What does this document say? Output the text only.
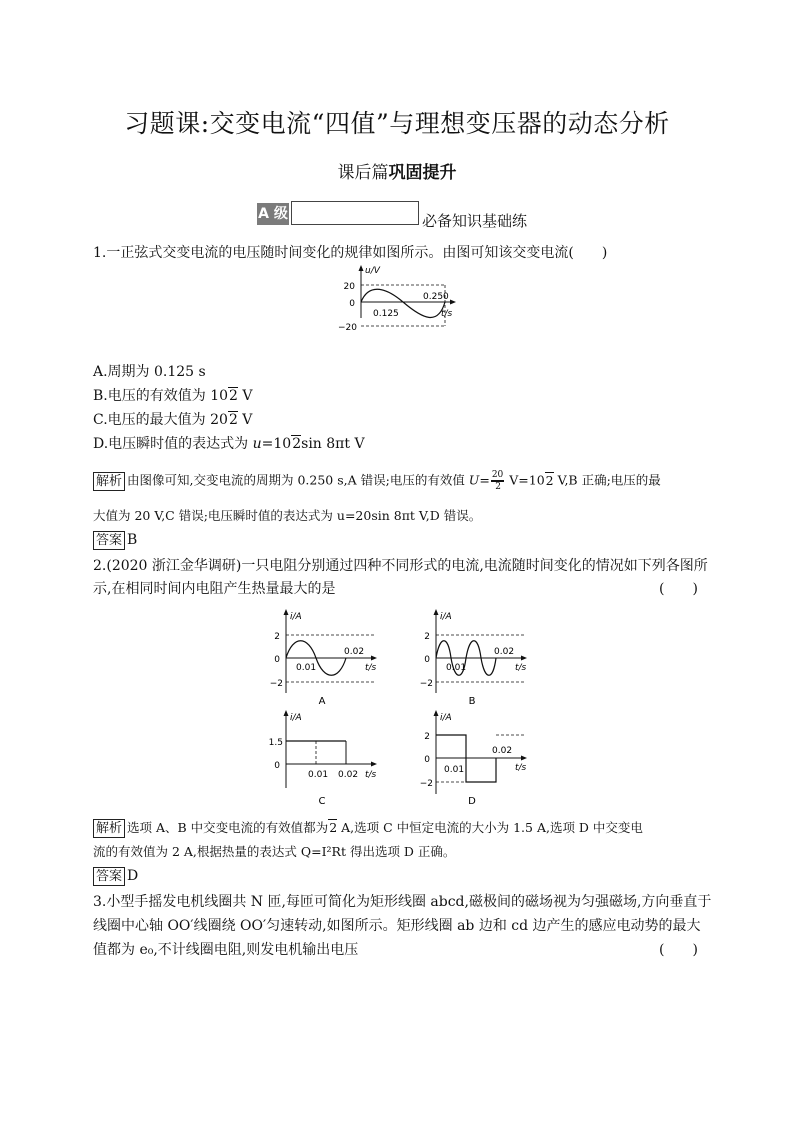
习题课:交变电流“四值”与理想变压器的动态分析
课后篇巩固提升
A 级	必备知识基础练
1.一正弦式交变电流的电压随时间变化的规律如图所示。由图可知该交变电流(　　)
u/V
20
0
−20
0.125
0.250
t/s
A.周期为 0.125 s
B.电压的有效值为 102 V
C.电压的最大值为 202 V
D.电压瞬时值的表达式为 u=102sin 8πt V
解析 由图像可知,交变电流的周期为 0.250 s,A 错误;电压的有效值 $U= \frac{20}{2} V=102$ V,B 正确;电压的最
大值为 20 V,C 错误;电压瞬时值的表达式为 u=20sin 8πt V,D 错误。
答案 B
2.(2020 浙江金华调研)一只电阻分别通过四种不同形式的电流,电流随时间变化的情况如下列各图所
示,在相同时间内电阻产生热量最大的是	(　　)
i/A
2
0
−2
0.01
0.02
t/s
A
i/A
2
0
−2
0.01
0.02
t/s
B
i/A
1.5
0
0.01 0.02 t/s
C
i/A
2
0
−2
0.01
0.02
t/s
D
解析 选项 A、B 中交变电流的有效值都为2 A,选项 C 中恒定电流的大小为 1.5 A,选项 D 中交变电
流的有效值为 2 A,根据热量的表达式 Q=I²Rt 得出选项 D 正确。
答案 D
3.小型手摇发电机线圈共 N 匝,每匝可简化为矩形线圈 abcd,磁极间的磁场视为匀强磁场,方向垂直于
线圈中心轴 OO′线圈绕 OO′匀速转动,如图所示。矩形线圈 ab 边和 cd 边产生的感应电动势的最大
值都为 e₀,不计线圈电阻,则发电机输出电压	(　　)
